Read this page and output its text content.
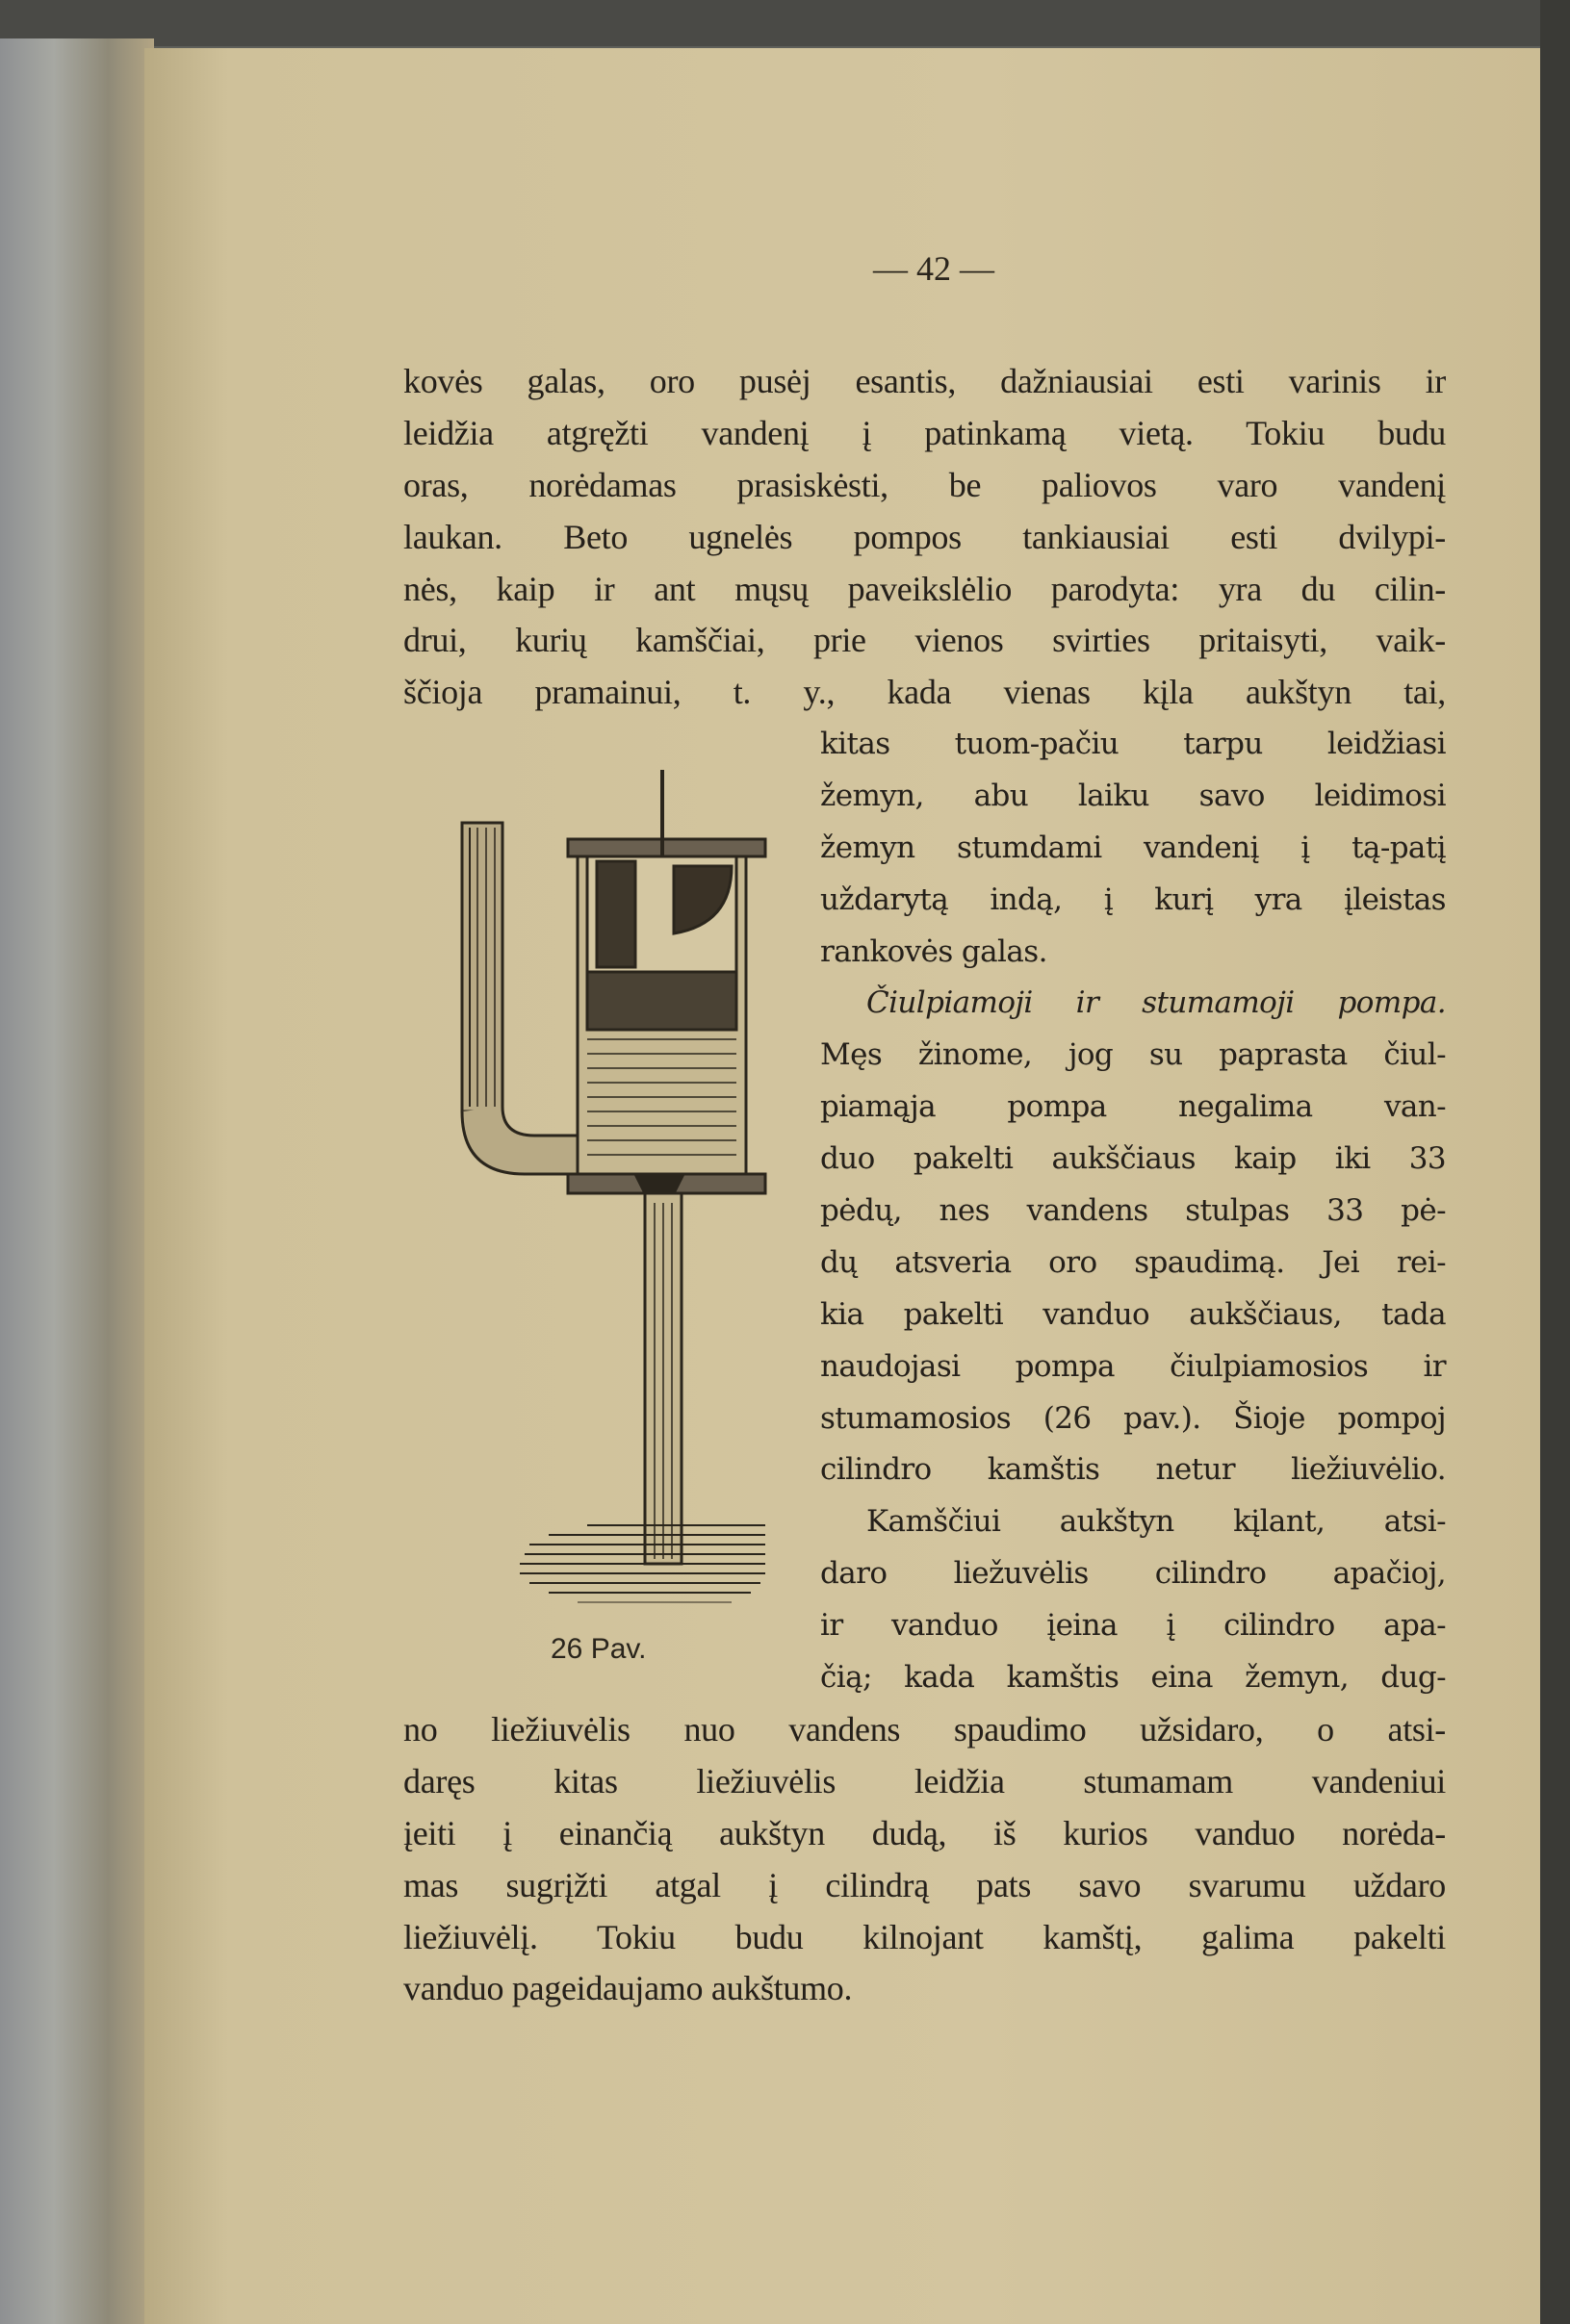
— 42 —
kovės galas, oro pusėj esantis, dažniausiai esti varinis ir
leidžia atgręžti vandenį į patinkamą vietą. Tokiu budu
oras, norėdamas prasiskėsti, be paliovos varo vandenį
laukan. Beto ugnelės pompos tankiausiai esti dvilypi-
nės, kaip ir ant mųsų paveikslėlio parodyta: yra du cilin-
drui, kurių kamščiai, prie vienos svirties pritaisyti, vaik-
ščioja pramainui, t. y., kada vienas kįla aukštyn tai,
kitas tuom-pačiu tarpu leidžiasi
žemyn, abu laiku savo leidimosi
žemyn stumdami vandenį į tą-patį
uždarytą indą, į kurį yra įleistas
rankovės galas.
Čiulpiamoji ir stumamoji pompa.
Męs žinome, jog su paprasta čiul-
piamąja pompa negalima van-
duo pakelti aukščiaus kaip iki 33
pėdų, nes vandens stulpas 33 pė-
dų atsveria oro spaudimą. Jei rei-
kia pakelti vanduo aukščiaus, tada
naudojasi pompa čiulpiamosios ir
stumamosios (26 pav.). Šioje pompoj
cilindro kamštis netur liežiuvėlio.
Kamščiui aukštyn kįlant, atsi-
daro liežuvėlis cilindro apačioj,
ir vanduo įeina į cilindro apa-
čią; kada kamštis eina žemyn, dug-
no liežiuvėlis nuo vandens spaudimo užsidaro, o atsi-
daręs kitas liežiuvėlis leidžia stumamam vandeniui
įeiti į einančią aukštyn dudą, iš kurios vanduo norėda-
mas sugrįžti atgal į cilindrą pats savo svarumu uždaro
liežiuvėlį. Tokiu budu kilnojant kamštį, galima pakelti
vanduo pageidaujamo aukštumo.
26 Pav.
